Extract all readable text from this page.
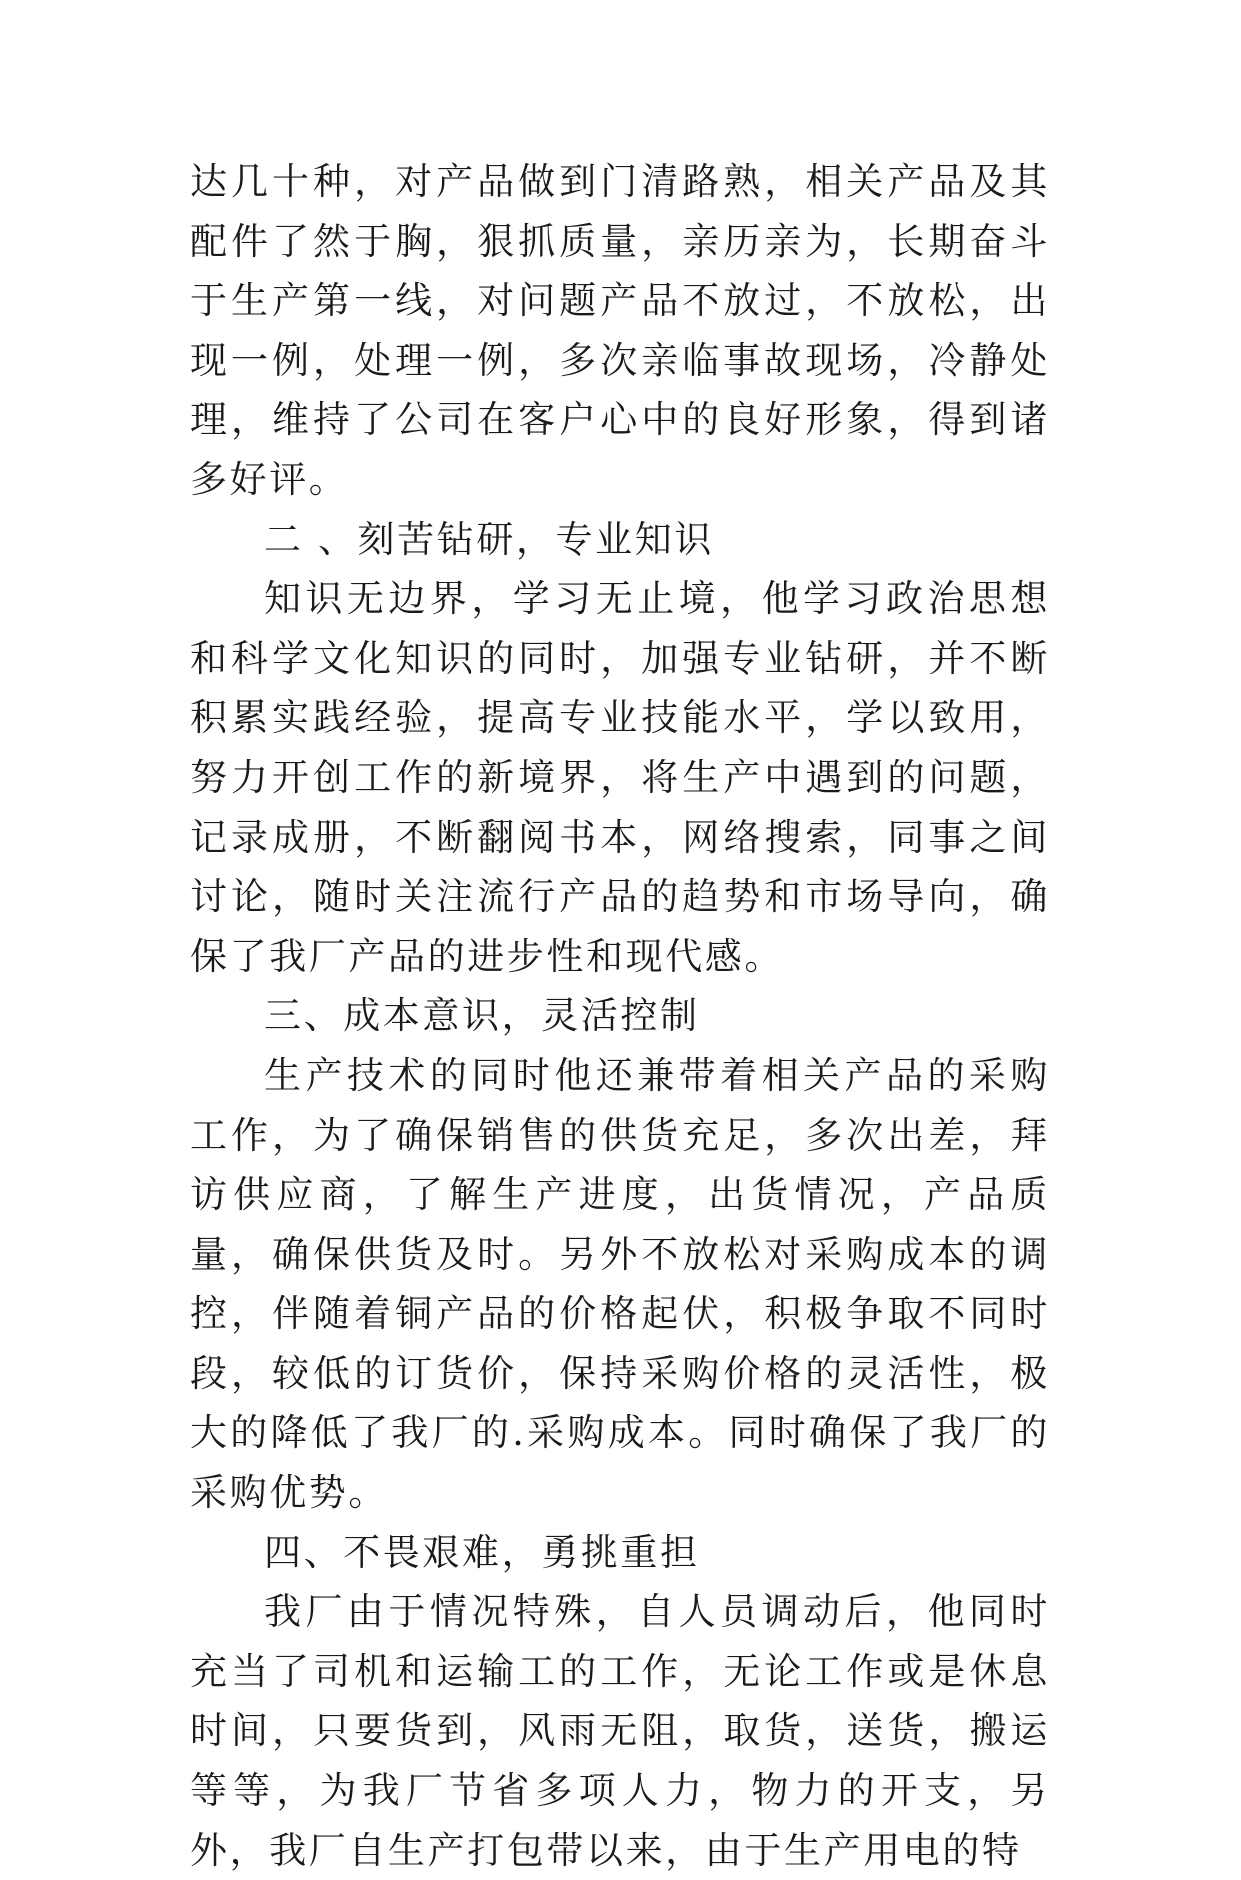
达几十种，对产品做到门清路熟，相关产品及其配件了然于胸，狠抓质量，亲历亲为，长期奋斗于生产第一线，对问题产品不放过，不放松，出现一例，处理一例，多次亲临事故现场，冷静处理，维持了公司在客户心中的良好形象，得到诸多好评。

二 、刻苦钻研，专业知识

知识无边界，学习无止境，他学习政治思想和科学文化知识的同时，加强专业钻研，并不断积累实践经验，提高专业技能水平，学以致用，努力开创工作的新境界，将生产中遇到的问题，记录成册，不断翻阅书本，网络搜索，同事之间讨论，随时关注流行产品的趋势和市场导向，确保了我厂产品的进步性和现代感。

三、成本意识，灵活控制

生产技术的同时他还兼带着相关产品的采购工作，为了确保销售的供货充足，多次出差，拜访供应商，了解生产进度，出货情况，产品质量，确保供货及时。另外不放松对采购成本的调控，伴随着铜产品的价格起伏，积极争取不同时段，较低的订货价，保持采购价格的灵活性，极大的降低了我厂的.采购成本。同时确保了我厂的采购优势。

四、不畏艰难，勇挑重担

我厂由于情况特殊，自人员调动后，他同时充当了司机和运输工的工作，无论工作或是休息时间，只要货到，风雨无阻，取货，送货，搬运等等，为我厂节省多项人力，物力的开支，另外，我厂自生产打包带以来，由于生产用电的特
